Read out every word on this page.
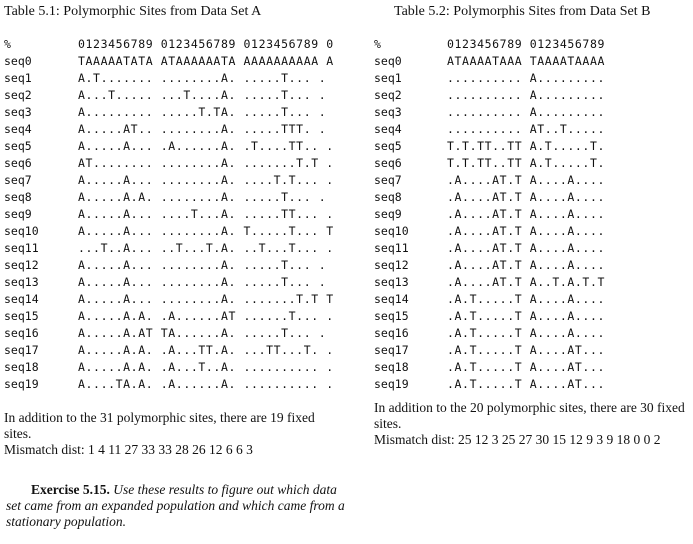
Table 5.1: Polymorphic Sites from Data Set A
%	0123456789 0123456789 0123456789 0
seq0	TAAAAATATA ATAAAAAATA AAAAAAAAAA A
seq1	A.T....... ........A. .....T... .
seq2	A...T..... ...T....A. .....T... .
seq3	A......... .....T.TA. .....T... .
seq4	A.....AT.. ........A. .....TTT. .
seq5	A.....A... .A......A. .T....TT.. .
seq6	AT........ ........A. .......T.T .
seq7	A.....A... ........A. ....T.T... .
seq8	A.....A.A. ........A. .....T... .
seq9	A.....A... ....T...A. .....TT... .
seq10	A.....A... ........A. T.....T... T
seq11	...T..A... ..T...T.A. ..T...T... .
seq12	A.....A... ........A. .....T... .
seq13	A.....A... ........A. .....T... .
seq14	A.....A... ........A. .......T.T T
seq15	A.....A.A. .A......AT ......T... .
seq16	A.....A.AT TA......A. .....T... .
seq17	A.....A.A. .A...TT.A. ...TT...T. .
seq18	A.....A.A. .A...T..A. .......... .
seq19	A....TA.A. .A......A. .......... .

In addition to the 31 polymorphic sites, there are 19 fixed sites.

Mismatch dist: 1 4 11 27 33 33 28 26 12 6 6 3

Table 5.2: Polymorphis Sites from Data Set B
%	0123456789 0123456789
seq0	ATAAAATAAA TAAAATAAAA
seq1	.......... A.........
seq2	.......... A.........
seq3	.......... A.........
seq4	.......... AT..T.....
seq5	T.T.TT..TT A.T.....T.
seq6	T.T.TT..TT A.T.....T.
seq7	.A....AT.T A....A....
seq8	.A....AT.T A....A....
seq9	.A....AT.T A....A....
seq10	.A....AT.T A....A....
seq11	.A....AT.T A....A....
seq12	.A....AT.T A....A....
seq13	.A....AT.T A..T.A.T.T
seq14	.A.T.....T A....A....
seq15	.A.T.....T A....A....
seq16	.A.T.....T A....A....
seq17	.A.T.....T A....AT...
seq18	.A.T.....T A....AT...
seq19	.A.T.....T A....AT...

In addition to the 20 polymorphic sites, there are 30 fixed sites.

Mismatch dist: 25 12 3 25 27 30 15 12 9 3 9 18 0 0 2

Exercise 5.15. Use these results to figure out which data set came from an expanded population and which came from a stationary population.
